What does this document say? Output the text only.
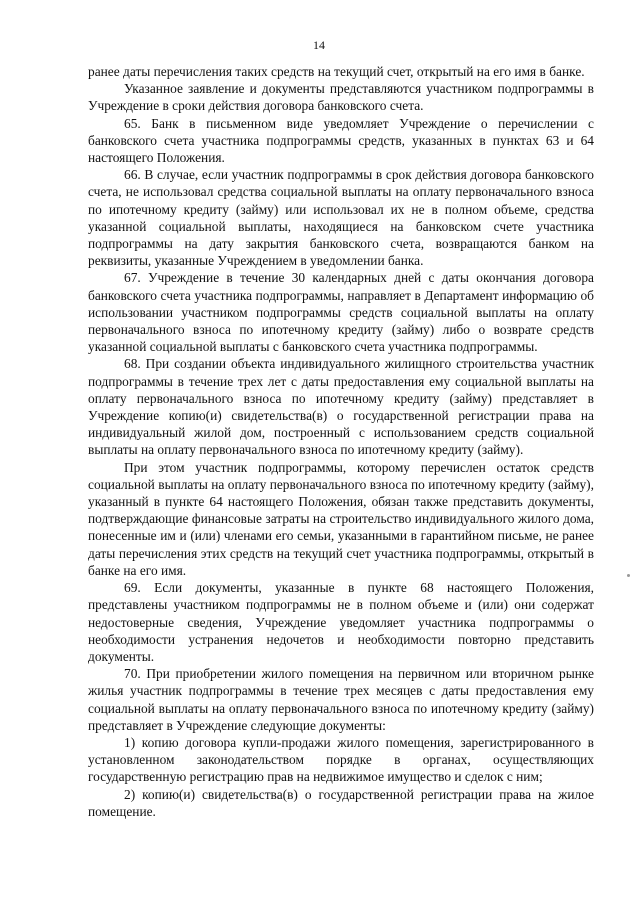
14

ранее даты перечисления таких средств на текущий счет, открытый на его имя в банке.

Указанное заявление и документы представляются участником подпрограммы в Учреждение в сроки действия договора банковского счета.

65. Банк в письменном виде уведомляет Учреждение о перечислении с банковского счета участника подпрограммы средств, указанных в пунктах 63 и 64 настоящего Положения.

66. В случае, если участник подпрограммы в срок действия договора банковского счета, не использовал средства социальной выплаты на оплату первоначального взноса по ипотечному кредиту (займу) или использовал их не в полном объеме, средства указанной социальной выплаты, находящиеся на банковском счете участника подпрограммы на дату закрытия банковского счета, возвращаются банком на реквизиты, указанные Учреждением в уведомлении банка.

67. Учреждение в течение 30 календарных дней с даты окончания договора банковского счета участника подпрограммы, направляет в Департамент информацию об использовании участником подпрограммы средств социальной выплаты на оплату первоначального взноса по ипотечному кредиту (займу) либо о возврате средств указанной социальной выплаты с банковского счета участника подпрограммы.

68. При создании объекта индивидуального жилищного строительства участник подпрограммы в течение трех лет с даты предоставления ему социальной выплаты на оплату первоначального взноса по ипотечному кредиту (займу) представляет в Учреждение копию(и) свидетельства(в) о государственной регистрации права на индивидуальный жилой дом, построенный с использованием средств социальной выплаты на оплату первоначального взноса по ипотечному кредиту (займу).

При этом участник подпрограммы, которому перечислен остаток средств социальной выплаты на оплату первоначального взноса по ипотечному кредиту (займу), указанный в пункте 64 настоящего Положения, обязан также представить документы, подтверждающие финансовые затраты на строительство индивидуального жилого дома, понесенные им и (или) членами его семьи, указанными в гарантийном письме, не ранее даты перечисления этих средств на текущий счет участника подпрограммы, открытый в банке на его имя.

69. Если документы, указанные в пункте 68 настоящего Положения, представлены участником подпрограммы не в полном объеме и (или) они содержат недостоверные сведения, Учреждение уведомляет участника подпрограммы о необходимости устранения недочетов и необходимости повторно представить документы.

70. При приобретении жилого помещения на первичном или вторичном рынке жилья участник подпрограммы в течение трех месяцев с даты предоставления ему социальной выплаты на оплату первоначального взноса по ипотечному кредиту (займу) представляет в Учреждение следующие документы:

1) копию договора купли-продажи жилого помещения, зарегистрированного в установленном законодательством порядке в органах, осуществляющих государственную регистрацию прав на недвижимое имущество и сделок с ним;

2) копию(и) свидетельства(в) о государственной регистрации права на жилое помещение.
